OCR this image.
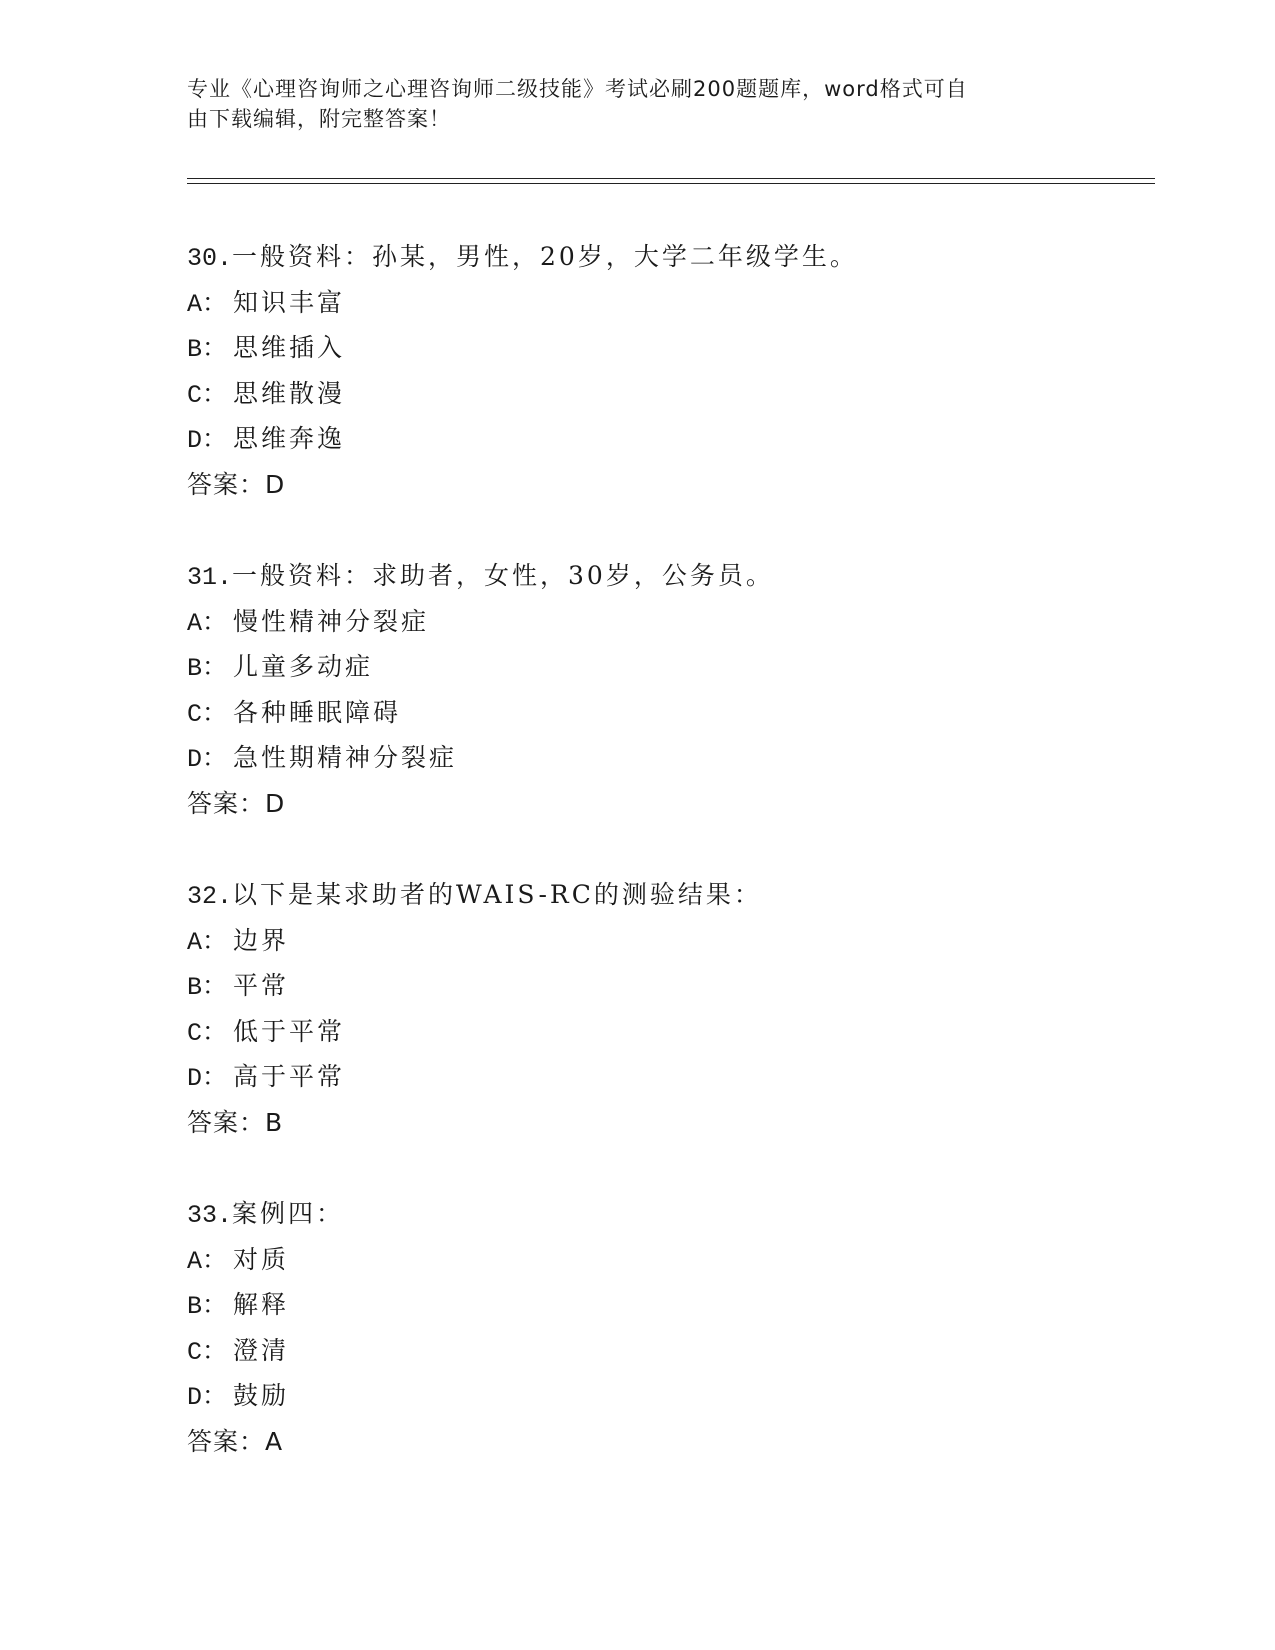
专业《心理咨询师之心理咨询师二级技能》考试必刷200题题库，word格式可自
由下载编辑，附完整答案！
30.一般资料：孙某，男性，20岁，大学二年级学生。
A： 知识丰富
B： 思维插入
C： 思维散漫
D： 思维奔逸
答案：D
31.一般资料：求助者，女性，30岁，公务员。
A： 慢性精神分裂症
B： 儿童多动症
C： 各种睡眠障碍
D： 急性期精神分裂症
答案：D
32.以下是某求助者的WAIS-RC的测验结果：
A： 边界
B： 平常
C： 低于平常
D： 高于平常
答案：B
33.案例四：
A： 对质
B： 解释
C： 澄清
D： 鼓励
答案：A
